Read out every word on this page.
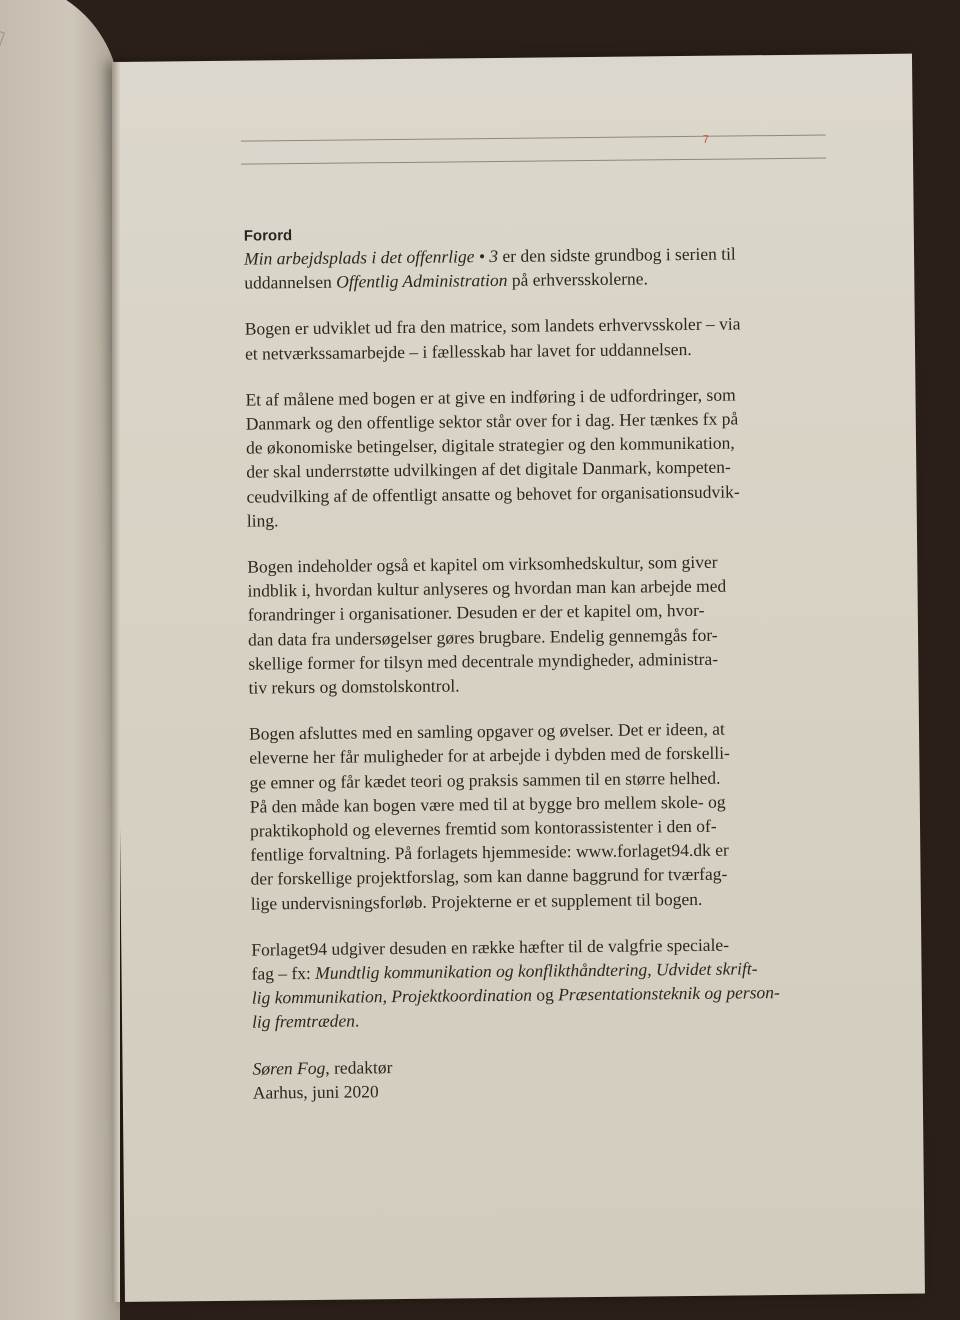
7
Forord
Min arbejdsplads i det offenrlige • 3 er den sidste grundbog i serien til
uddannelsen Offentlig Administration på erhversskolerne.
Bogen er udviklet ud fra den matrice, som landets erhvervsskoler – via
et netværkssamarbejde – i fællesskab har lavet for uddannelsen.
Et af målene med bogen er at give en indføring i de udfordringer, som
Danmark og den offentlige sektor står over for i dag. Her tænkes fx på
de økonomiske betingelser, digitale strategier og den kommunikation,
der skal underrstøtte udvilkingen af det digitale Danmark, kompeten-
ceudvilking af de offentligt ansatte og behovet for organisationsudvik-
ling.
Bogen indeholder også et kapitel om virksomhedskultur, som giver
indblik i, hvordan kultur anlyseres og hvordan man kan arbejde med
forandringer i organisationer. Desuden er der et kapitel om, hvor-
dan data fra undersøgelser gøres brugbare. Endelig gennemgås for-
skellige former for tilsyn med decentrale myndigheder, administra-
tiv rekurs og domstolskontrol.
Bogen afsluttes med en samling opgaver og øvelser. Det er ideen, at
eleverne her får muligheder for at arbejde i dybden med de forskelli-
ge emner og får kædet teori og praksis sammen til en større helhed.
På den måde kan bogen være med til at bygge bro mellem skole- og
praktikophold og elevernes fremtid som kontorassistenter i den of-
fentlige forvaltning. På forlagets hjemmeside: www.forlaget94.dk er
der forskellige projektforslag, som kan danne baggrund for tværfag-
lige undervisningsforløb. Projekterne er et supplement til bogen.
Forlaget94 udgiver desuden en række hæfter til de valgfrie speciale-
fag – fx: Mundtlig kommunikation og konflikthåndtering, Udvidet skrift-
lig kommunikation, Projektkoordination og Præsentationsteknik og person-
lig fremtræden.
Søren Fog, redaktør
Aarhus, juni 2020
